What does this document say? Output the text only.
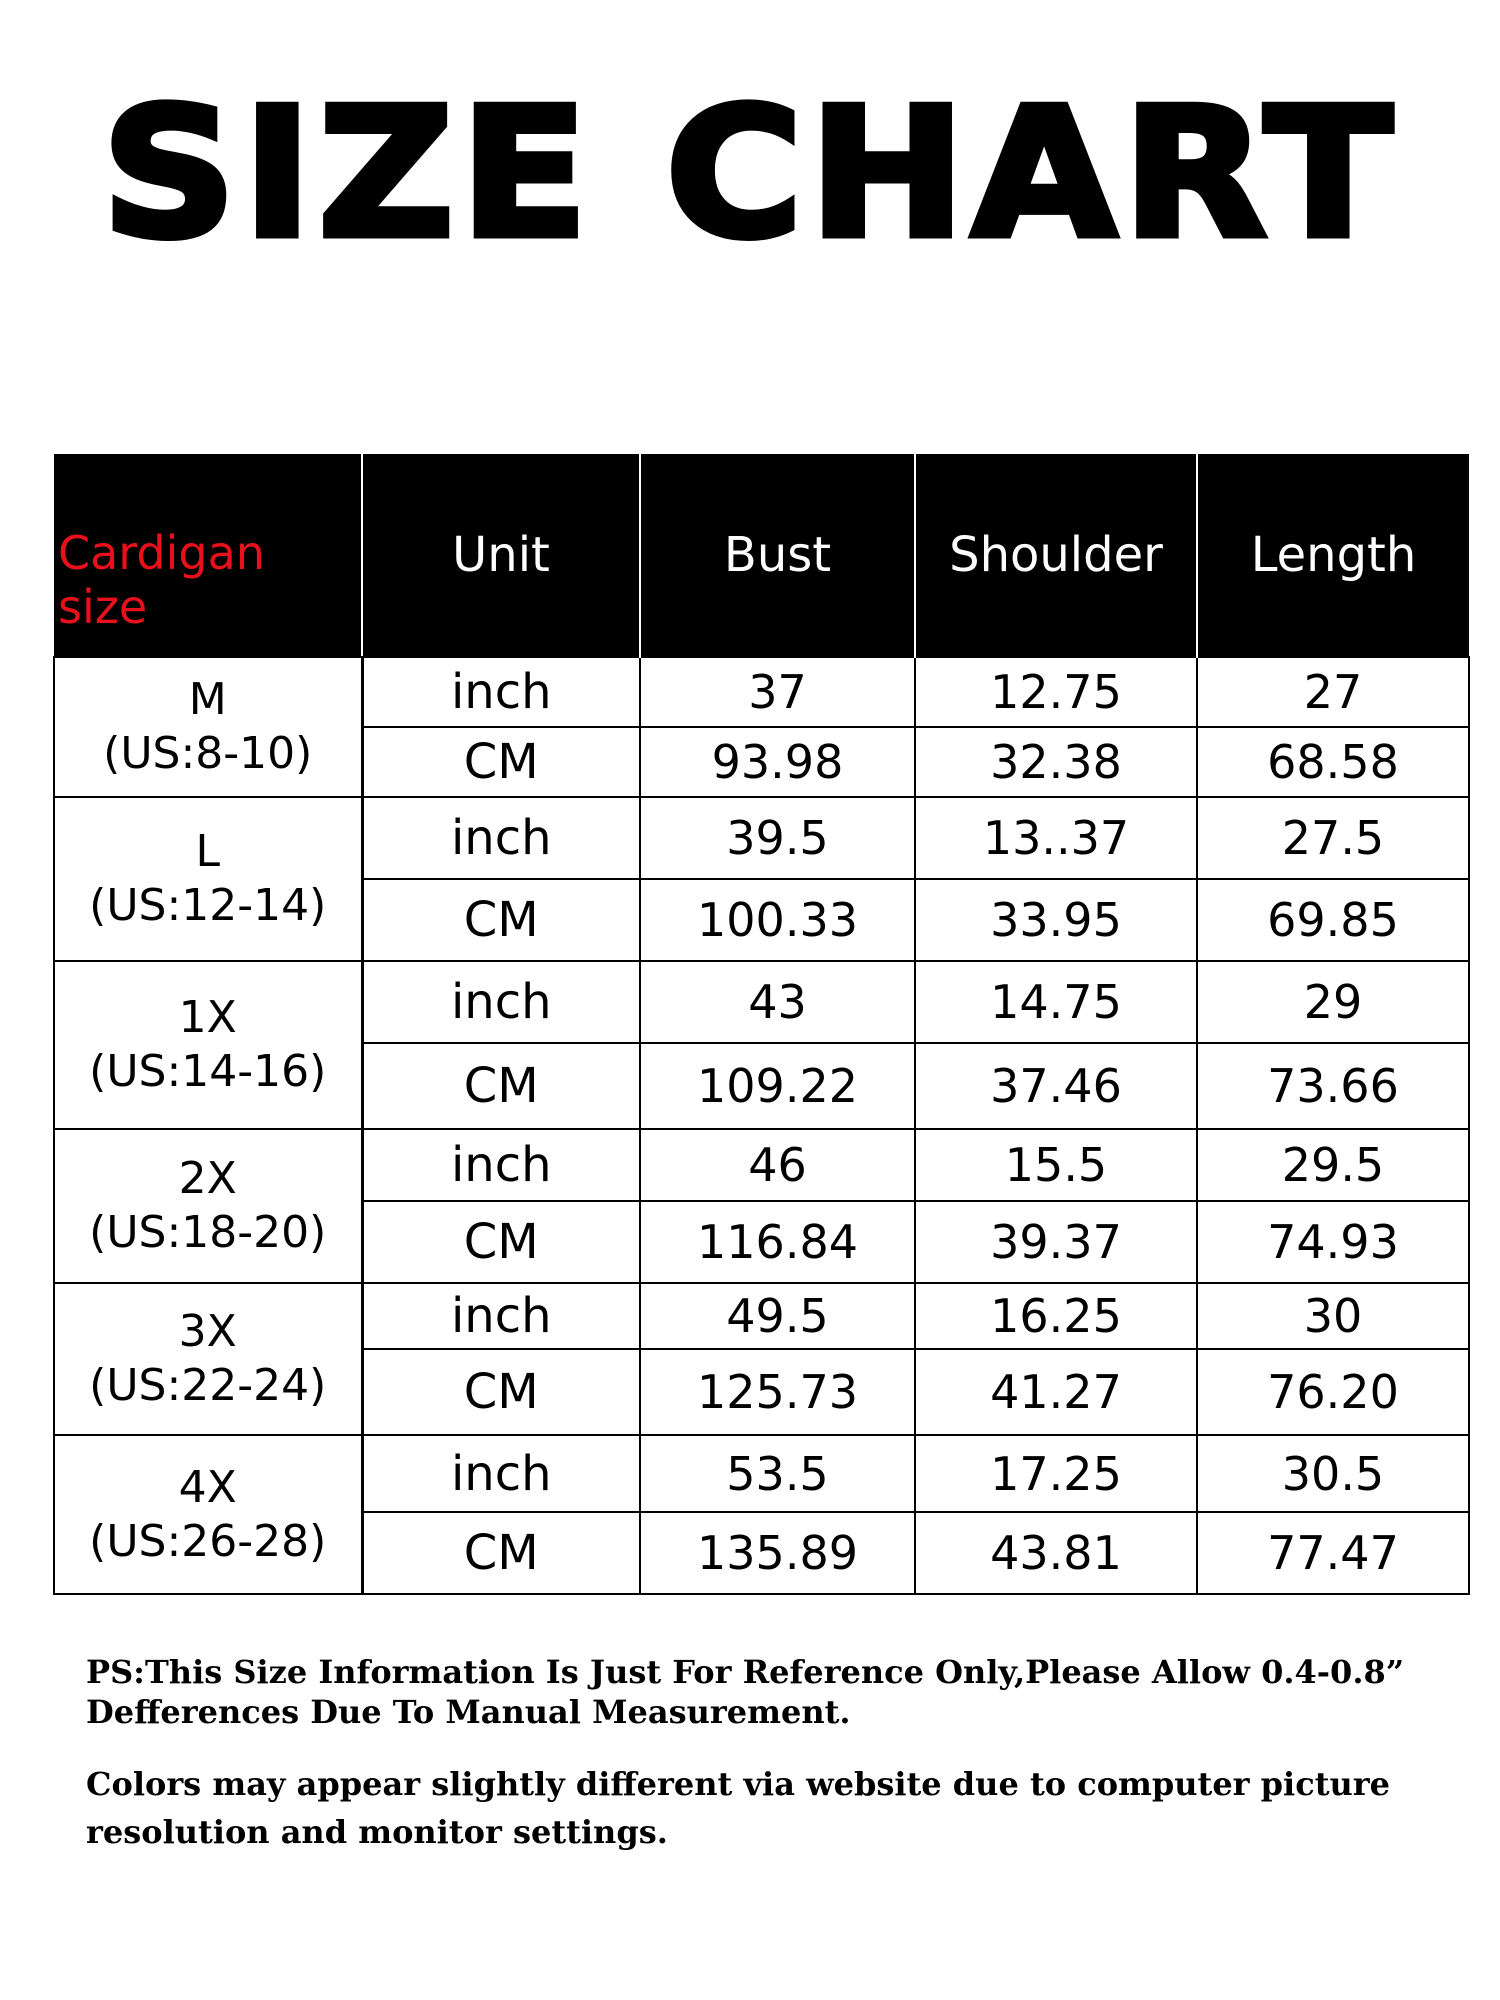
SIZE CHART
Cardigan size	Unit	Bust	Shoulder	Length

M
(US:8-10)	inch	37	12.75	27
	CM	93.98	32.38	68.58

L
(US:12-14)	inch	39.5	13..37	27.5
	CM	100.33	33.95	69.85

1X
(US:14-16)	inch	43	14.75	29
	CM	109.22	37.46	73.66

2X
(US:18-20)	inch	46	15.5	29.5
	CM	116.84	39.37	74.93

3X
(US:22-24)	inch	49.5	16.25	30
	CM	125.73	41.27	76.20

4X
(US:26-28)	inch	53.5	17.25	30.5
	CM	135.89	43.81	77.47
PS:This Size Information Is Just For Reference Only,Please Allow 0.4-0.8” Defferences Due To Manual Measurement.
Colors may appear slightly different via website due to computer picture resolution and monitor settings.
